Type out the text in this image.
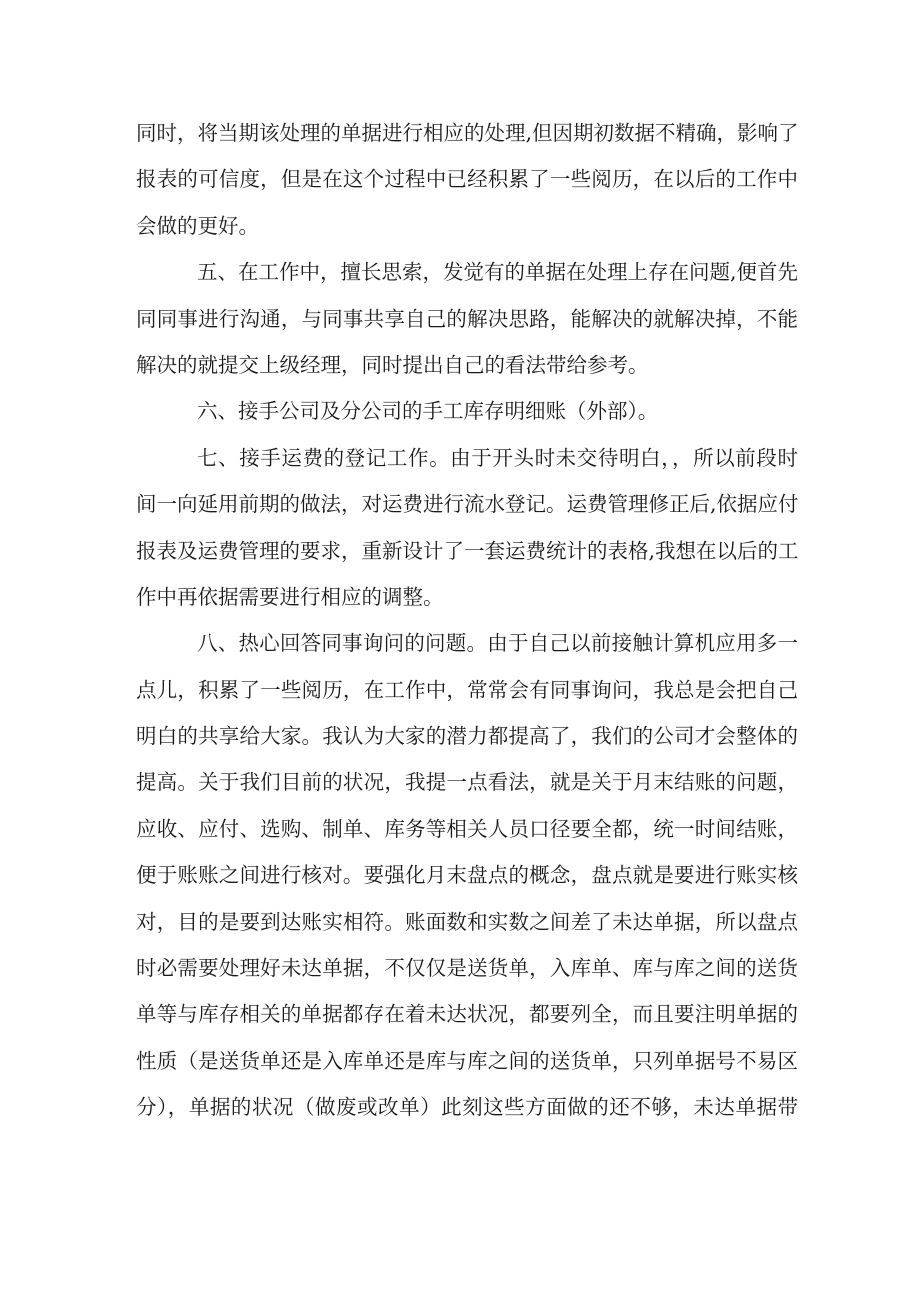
同时，将当期该处理的单据进行相应的处理,但因期初数据不精确，影响了
报表的可信度，但是在这个过程中已经积累了一些阅历，在以后的工作中
会做的更好。
五、在工作中，擅长思索，发觉有的单据在处理上存在问题,便首先
同同事进行沟通，与同事共享自己的解决思路，能解决的就解决掉，不能
解决的就提交上级经理，同时提出自己的看法带给参考。
六、接手公司及分公司的手工库存明细账（外部）。
七、接手运费的登记工作。由于开头时未交待明白，，所以前段时
间一向延用前期的做法，对运费进行流水登记。运费管理修正后,依据应付
报表及运费管理的要求，重新设计了一套运费统计的表格,我想在以后的工
作中再依据需要进行相应的调整。
八、热心回答同事询问的问题。由于自己以前接触计算机应用多一
点儿，积累了一些阅历，在工作中，常常会有同事询问，我总是会把自己
明白的共享给大家。我认为大家的潜力都提高了，我们的公司才会整体的
提高。关于我们目前的状况，我提一点看法，就是关于月末结账的问题，
应收、应付、选购、制单、库务等相关人员口径要全都，统一时间结账，
便于账账之间进行核对。要强化月末盘点的概念，盘点就是要进行账实核
对，目的是要到达账实相符。账面数和实数之间差了未达单据，所以盘点
时必需要处理好未达单据，不仅仅是送货单，入库单、库与库之间的送货
单等与库存相关的单据都存在着未达状况，都要列全，而且要注明单据的
性质（是送货单还是入库单还是库与库之间的送货单，只列单据号不易区
分），单据的状况（做废或改单）此刻这些方面做的还不够，未达单据带
